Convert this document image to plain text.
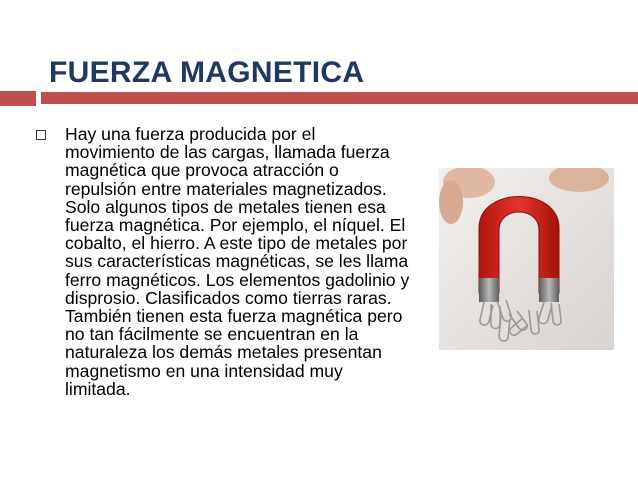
FUERZA MAGNETICA

Hay una fuerza producida por el movimiento de las cargas, llamada fuerza magnética que provoca atracción o repulsión entre materiales magnetizados. Solo algunos tipos de metales tienen esa fuerza magnética. Por ejemplo, el níquel. El cobalto, el hierro. A este tipo de metales por sus características magnéticas, se les llama ferro magnéticos. Los elementos gadolinio y disprosio. Clasificados como tierras raras. También tienen esta fuerza magnética pero no tan fácilmente se encuentran en la naturaleza los demás metales presentan magnetismo en una intensidad muy limitada.
